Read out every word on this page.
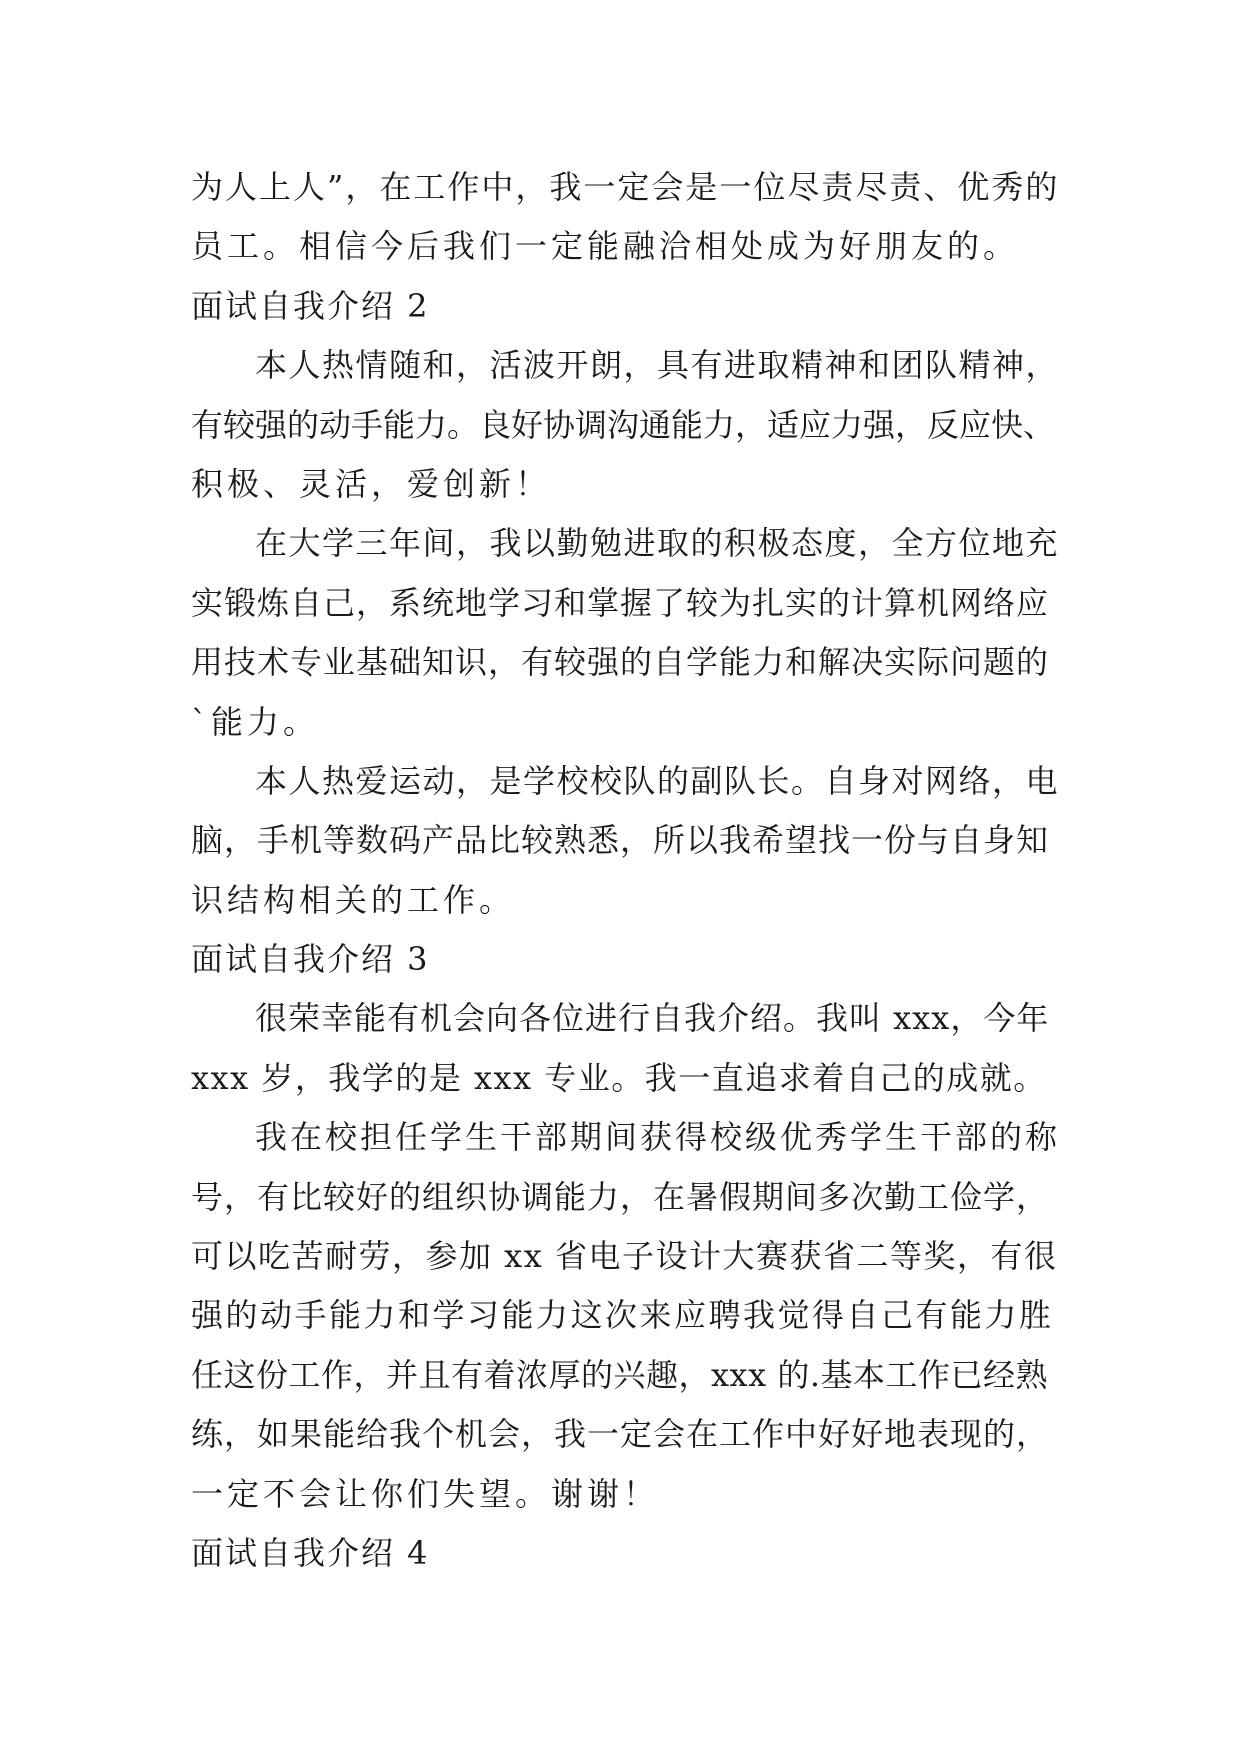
为人上人”，在工作中，我一定会是一位尽责尽责、优秀的
员工。相信今后我们一定能融洽相处成为好朋友的。
面试自我介绍 2
本人热情随和，活波开朗，具有进取精神和团队精神，
有较强的动手能力。良好协调沟通能力，适应力强，反应快、
积极、灵活，爱创新！
在大学三年间，我以勤勉进取的积极态度，全方位地充
实锻炼自己，系统地学习和掌握了较为扎实的计算机网络应
用技术专业基础知识，有较强的自学能力和解决实际问题的
`能力。
本人热爱运动，是学校校队的副队长。自身对网络，电
脑，手机等数码产品比较熟悉，所以我希望找一份与自身知
识结构相关的工作。
面试自我介绍 3
很荣幸能有机会向各位进行自我介绍。我叫 xxx，今年
xxx 岁，我学的是 xxx 专业。我一直追求着自己的成就。
我在校担任学生干部期间获得校级优秀学生干部的称
号，有比较好的组织协调能力，在暑假期间多次勤工俭学，
可以吃苦耐劳，参加 xx 省电子设计大赛获省二等奖，有很
强的动手能力和学习能力这次来应聘我觉得自己有能力胜
任这份工作，并且有着浓厚的兴趣，xxx 的.基本工作已经熟
练，如果能给我个机会，我一定会在工作中好好地表现的，
一定不会让你们失望。谢谢！
面试自我介绍 4
